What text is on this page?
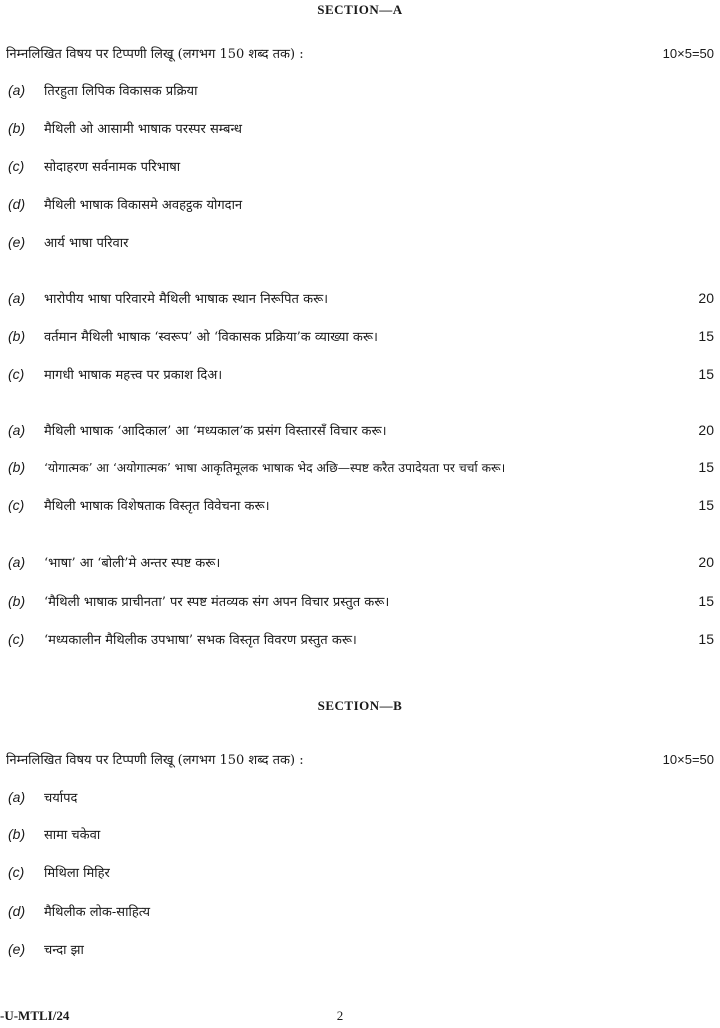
SECTION—A
निम्नलिखित विषय पर टिप्पणी लिखू (लगभग 150 शब्द तक) :	10×5=50
(a)	तिरहुता लिपिक विकासक प्रक्रिया
(b)	मैथिली ओ आसामी भाषाक परस्पर सम्बन्ध
(c)	सोदाहरण सर्वनामक परिभाषा
(d)	मैथिली भाषाक विकासमे अवहट्ठक योगदान
(e)	आर्य भाषा परिवार
(a)	भारोपीय भाषा परिवारमे मैथिली भाषाक स्थान निरूपित करू।	20
(b)	वर्तमान मैथिली भाषाक ‘स्वरूप’ ओ ‘विकासक प्रक्रिया’क व्याख्या करू।	15
(c)	मागधी भाषाक महत्त्व पर प्रकाश दिअ।	15
(a)	मैथिली भाषाक ‘आदिकाल’ आ ‘मध्यकाल’क प्रसंग विस्तारसँ विचार करू।	20
(b)	‘योगात्मक’ आ ‘अयोगात्मक’ भाषा आकृतिमूलक भाषाक भेद अछि—स्पष्ट करैत उपादेयता पर चर्चा करू।	15
(c)	मैथिली भाषाक विशेषताक विस्तृत विवेचना करू।	15
(a)	‘भाषा’ आ ‘बोली’मे अन्तर स्पष्ट करू।	20
(b)	‘मैथिली भाषाक प्राचीनता’ पर स्पष्ट मंतव्यक संग अपन विचार प्रस्तुत करू।	15
(c)	‘मध्यकालीन मैथिलीक उपभाषा’ सभक विस्तृत विवरण प्रस्तुत करू।	15
SECTION—B
निम्नलिखित विषय पर टिप्पणी लिखू (लगभग 150 शब्द तक) :	10×5=50
(a)	चर्यापद
(b)	सामा चकेवा
(c)	मिथिला मिहिर
(d)	मैथिलीक लोक-साहित्य
(e)	चन्दा झा
-U-MTLI/24	2
